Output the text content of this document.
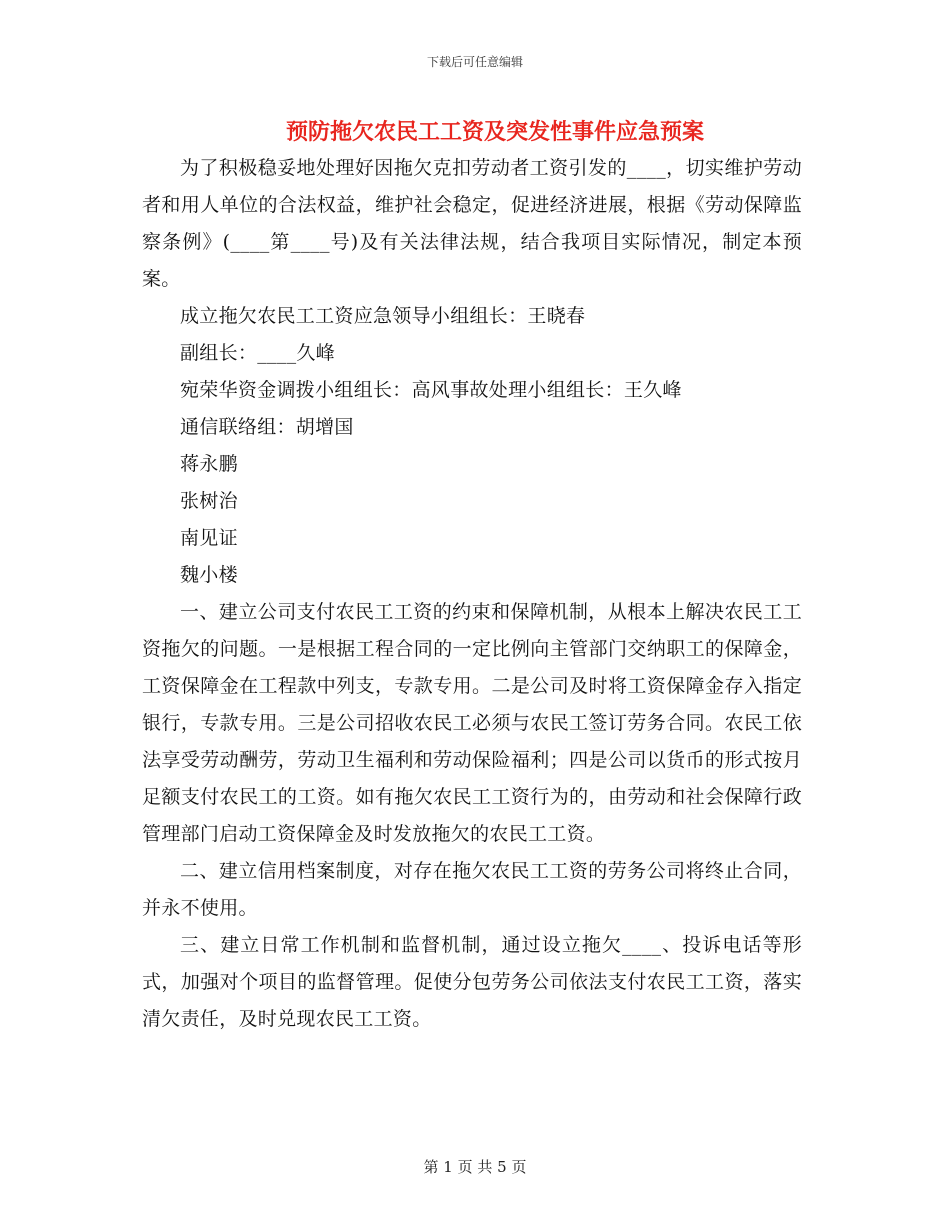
下载后可任意编辑
预防拖欠农民工工资及突发性事件应急预案

为了积极稳妥地处理好因拖欠克扣劳动者工资引发的____，切实维护劳动者和用人单位的合法权益，维护社会稳定，促进经济进展，根据《劳动保障监察条例》(____第____号)及有关法律法规，结合我项目实际情况，制定本预案。

成立拖欠农民工工资应急领导小组组长：王晓春

副组长：____久峰

宛荣华资金调拨小组组长：高风事故处理小组组长：王久峰

通信联络组：胡增国

蒋永鹏

张树治

南见证

魏小楼

一、建立公司支付农民工工资的约束和保障机制，从根本上解决农民工工资拖欠的问题。一是根据工程合同的一定比例向主管部门交纳职工的保障金，工资保障金在工程款中列支，专款专用。二是公司及时将工资保障金存入指定银行，专款专用。三是公司招收农民工必须与农民工签订劳务合同。农民工依法享受劳动酬劳，劳动卫生福利和劳动保险福利；四是公司以货币的形式按月足额支付农民工的工资。如有拖欠农民工工资行为的，由劳动和社会保障行政管理部门启动工资保障金及时发放拖欠的农民工工资。

二、建立信用档案制度，对存在拖欠农民工工资的劳务公司将终止合同，并永不使用。

三、建立日常工作机制和监督机制，通过设立拖欠____、投诉电话等形式，加强对个项目的监督管理。促使分包劳务公司依法支付农民工工资，落实清欠责任，及时兑现农民工工资。

第 1 页 共 5 页
